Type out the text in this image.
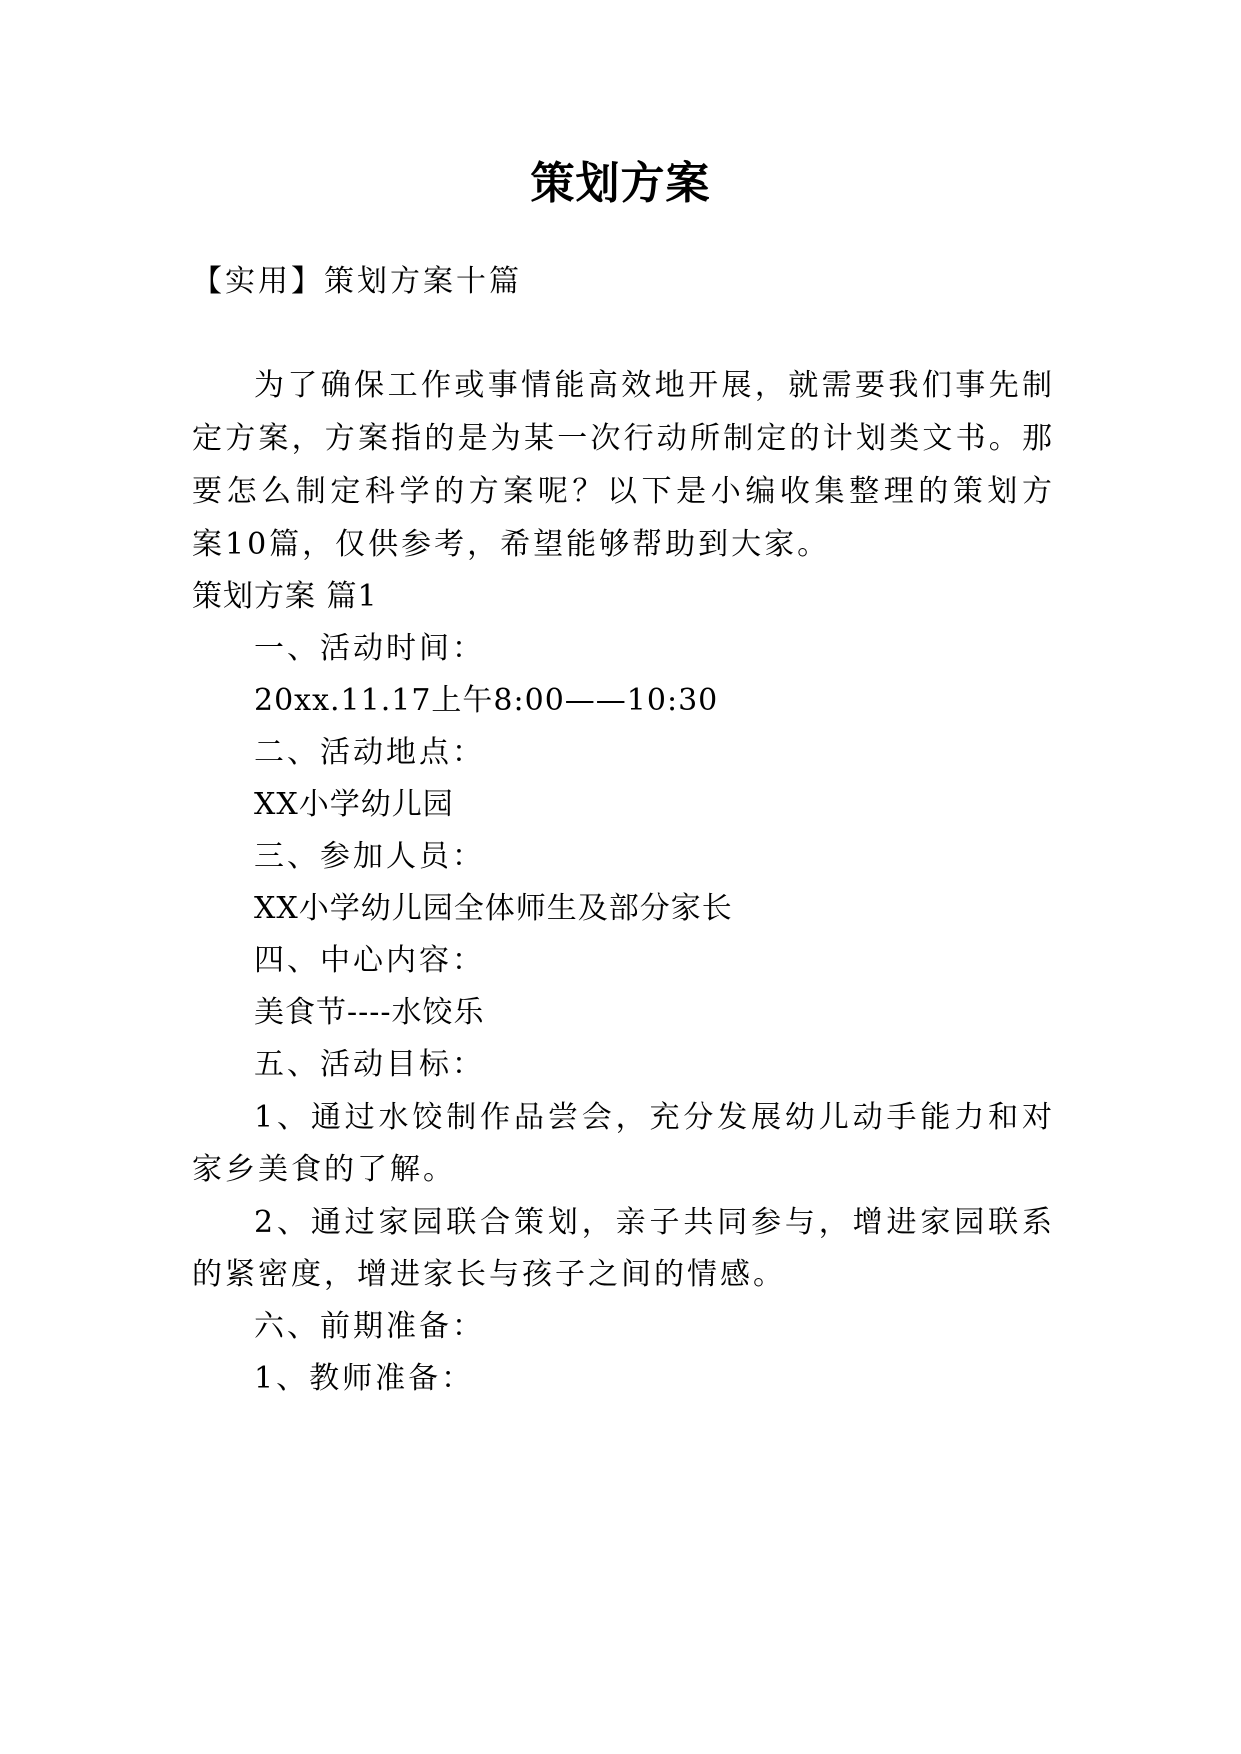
策划方案
【实用】策划方案十篇
为了确保工作或事情能高效地开展，就需要我们事先制
定方案，方案指的是为某一次行动所制定的计划类文书。那
要怎么制定科学的方案呢？以下是小编收集整理的策划方
案10篇，仅供参考，希望能够帮助到大家。
策划方案 篇1
一、活动时间：
20xx.11.17上午8:00——10:30
二、活动地点：
XX小学幼儿园
三、参加人员：
XX小学幼儿园全体师生及部分家长
四、中心内容：
美食节----水饺乐
五、活动目标：
1、通过水饺制作品尝会，充分发展幼儿动手能力和对
家乡美食的了解。
2、通过家园联合策划，亲子共同参与，增进家园联系
的紧密度，增进家长与孩子之间的情感。
六、前期准备：
1、教师准备：
